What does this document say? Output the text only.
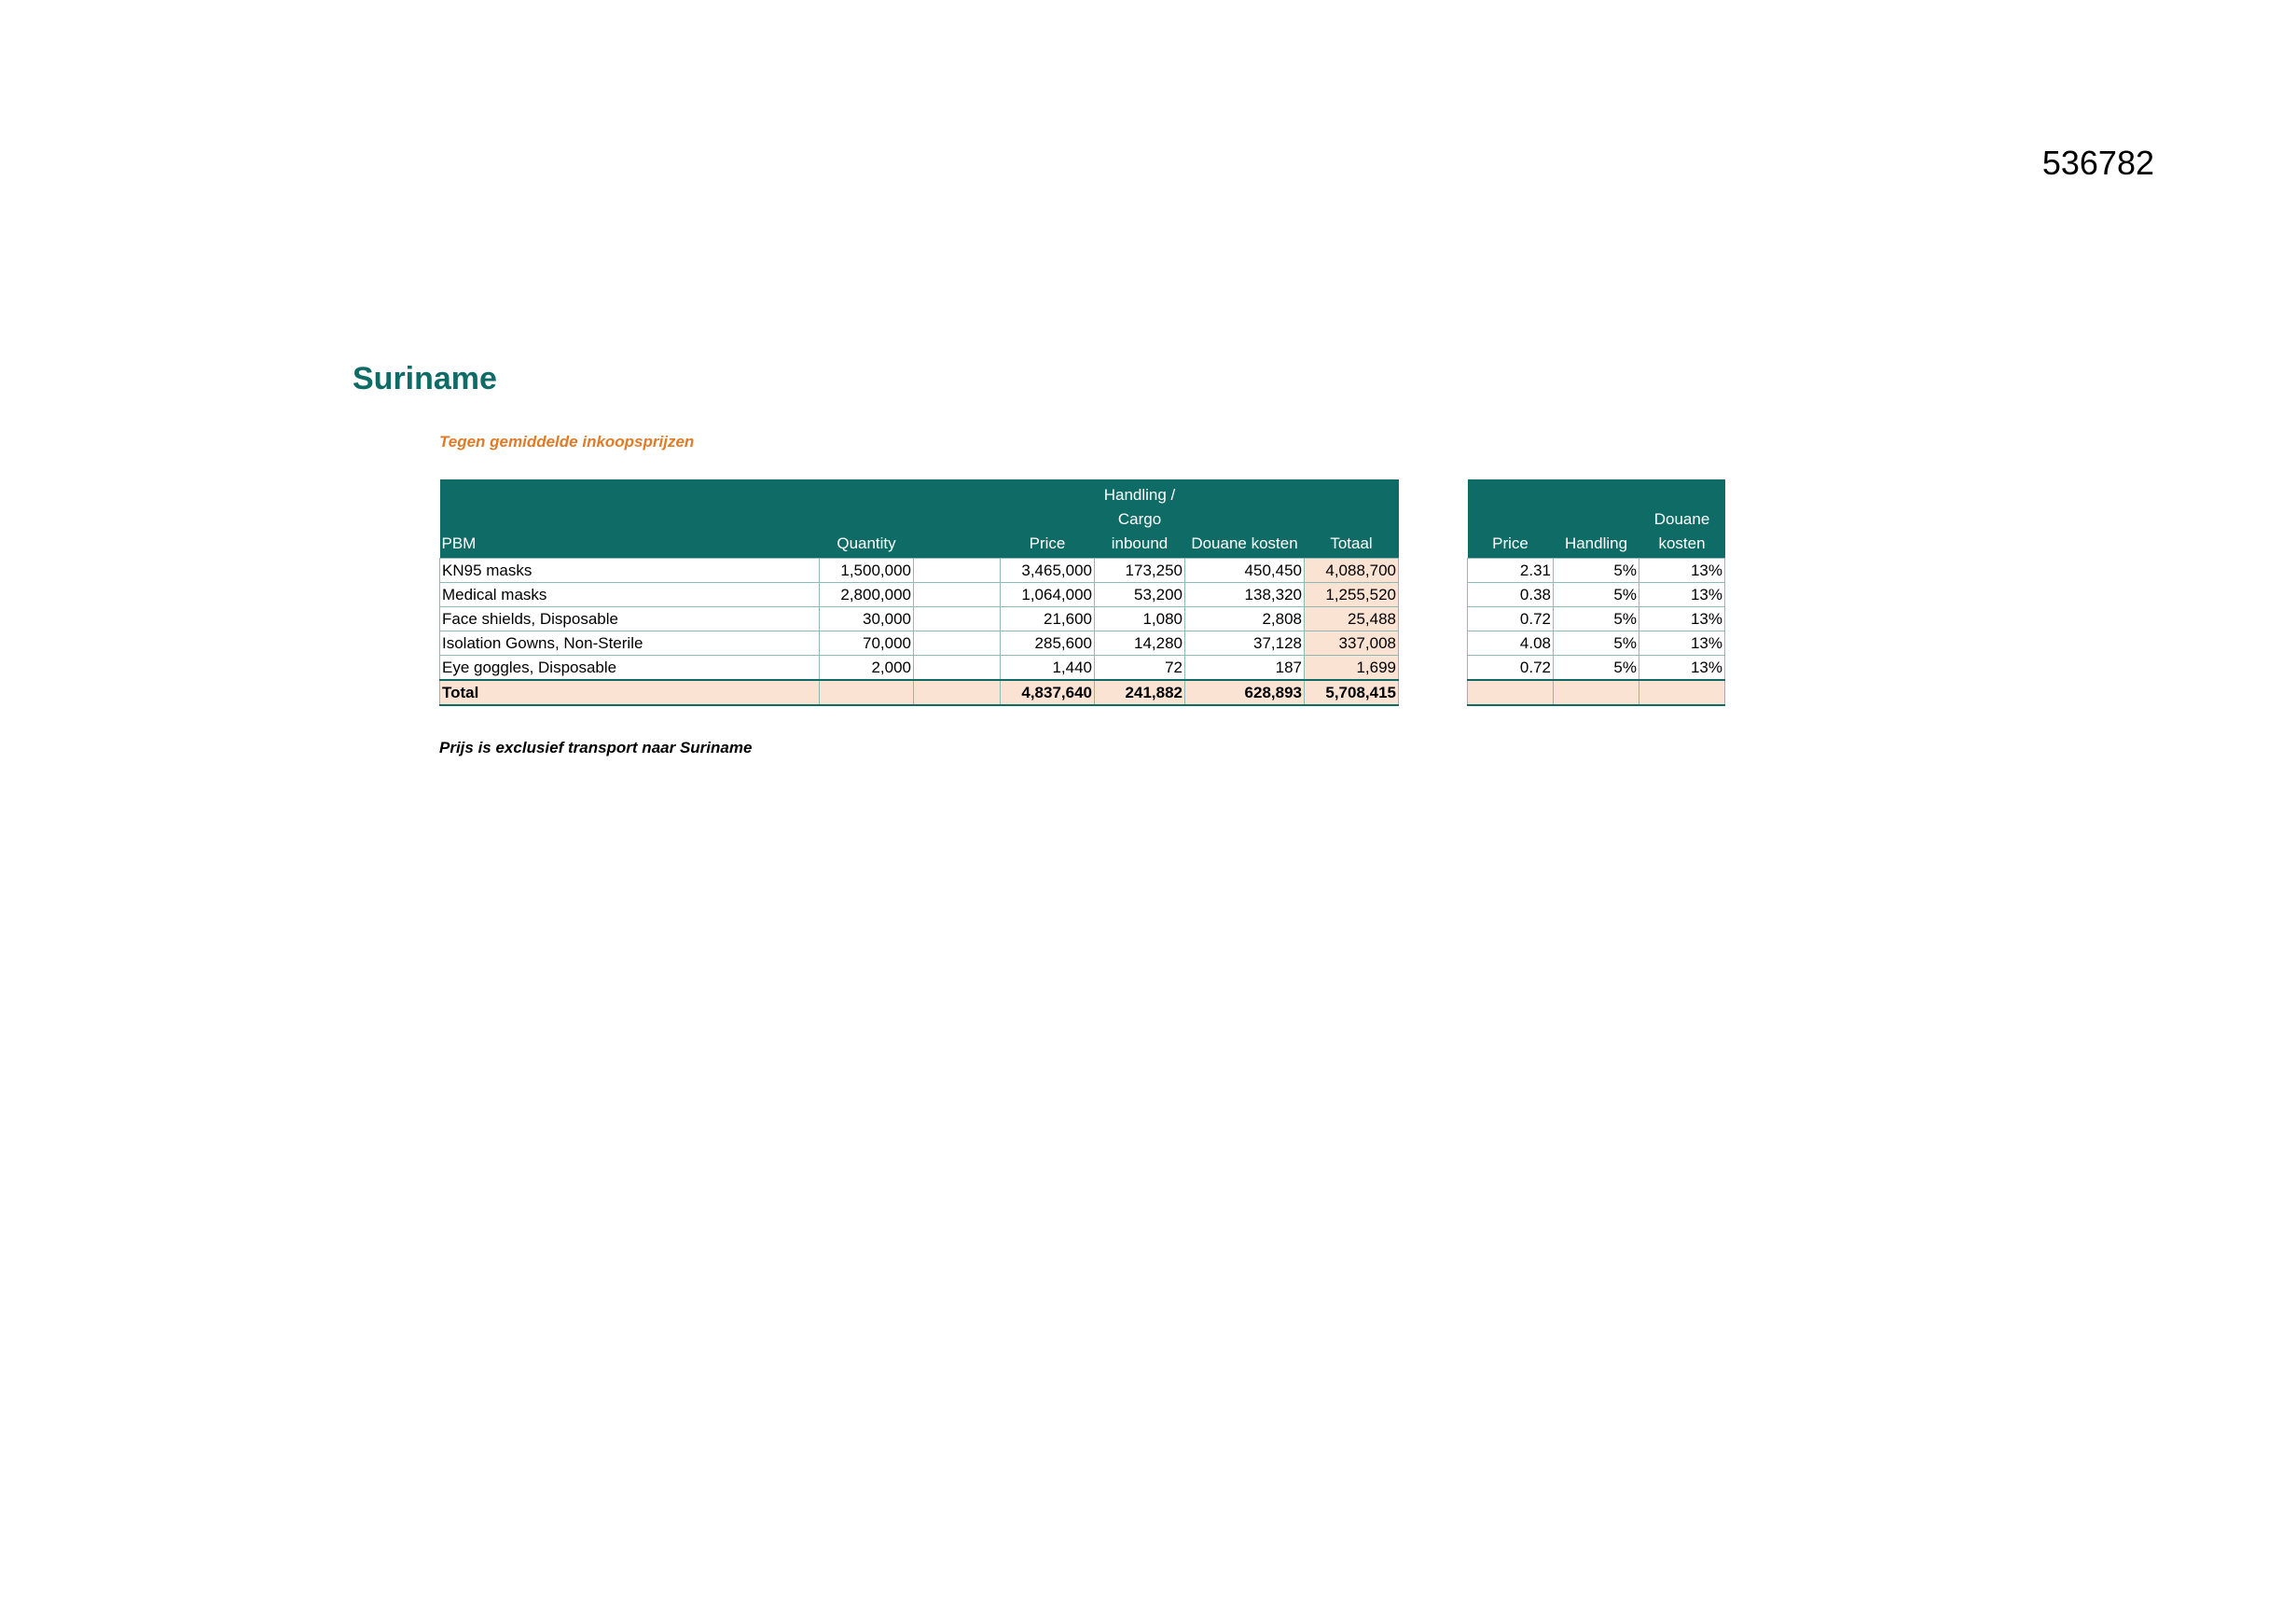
536782
Suriname
Tegen gemiddelde inkoopsprijzen
PBM	Quantity		Price	Handling / Cargo inbound	Douane kosten	Totaal
KN95 masks	1,500,000		3,465,000	173,250	450,450	4,088,700
Medical masks	2,800,000		1,064,000	53,200	138,320	1,255,520
Face shields, Disposable	30,000		21,600	1,080	2,808	25,488
Isolation Gowns, Non-Sterile	70,000		285,600	14,280	37,128	337,008
Eye goggles, Disposable	2,000		1,440	72	187	1,699
Total			4,837,640	241,882	628,893	5,708,415
Price	Handling	Douane kosten
2.31	5%	13%
0.38	5%	13%
0.72	5%	13%
4.08	5%	13%
0.72	5%	13%

Prijs is exclusief transport naar Suriname
